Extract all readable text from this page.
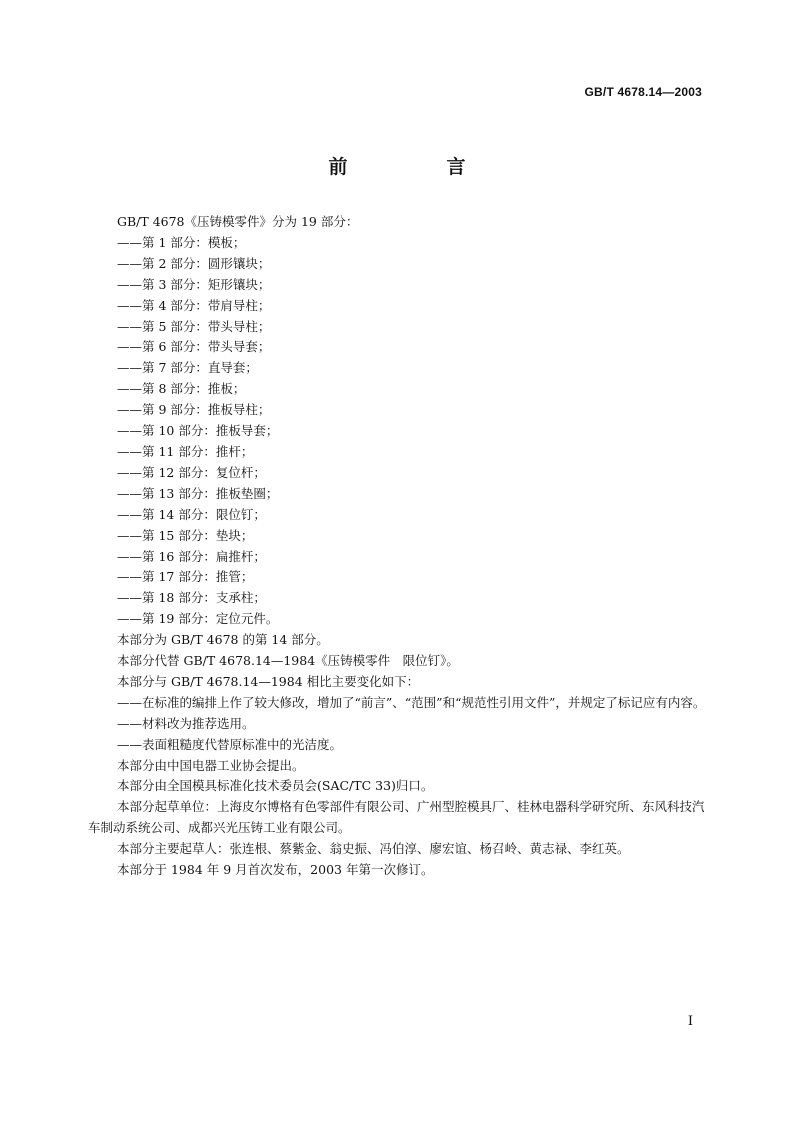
GB/T 4678.14—2003
前　言

GB/T 4678《压铸模零件》分为 19 部分：

——第 1 部分：模板；

——第 2 部分：圆形镶块；

——第 3 部分：矩形镶块；

——第 4 部分：带肩导柱；

——第 5 部分：带头导柱；

——第 6 部分：带头导套；

——第 7 部分：直导套；

——第 8 部分：推板；

——第 9 部分：推板导柱；

——第 10 部分：推板导套；

——第 11 部分：推杆；

——第 12 部分：复位杆；

——第 13 部分：推板垫圈；

——第 14 部分：限位钉；

——第 15 部分：垫块；

——第 16 部分：扁推杆；

——第 17 部分：推管；

——第 18 部分：支承柱；

——第 19 部分：定位元件。

本部分为 GB/T 4678 的第 14 部分。

本部分代替 GB/T 4678.14—1984《压铸模零件　限位钉》。

本部分与 GB/T 4678.14—1984 相比主要变化如下：

——在标准的编排上作了较大修改，增加了“前言”、“范围”和“规范性引用文件”，并规定了标记应有内容。

——材料改为推荐选用。

——表面粗糙度代替原标准中的光洁度。

本部分由中国电器工业协会提出。

本部分由全国模具标准化技术委员会(SAC/TC 33)归口。

本部分起草单位：上海皮尔博格有色零部件有限公司、广州型腔模具厂、桂林电器科学研究所、东风科技汽车制动系统公司、成都兴光压铸工业有限公司。

本部分主要起草人：张连根、蔡紫金、翁史振、冯伯淳、廖宏谊、杨召岭、黄志禄、李红英。

本部分于 1984 年 9 月首次发布，2003 年第一次修订。

I
